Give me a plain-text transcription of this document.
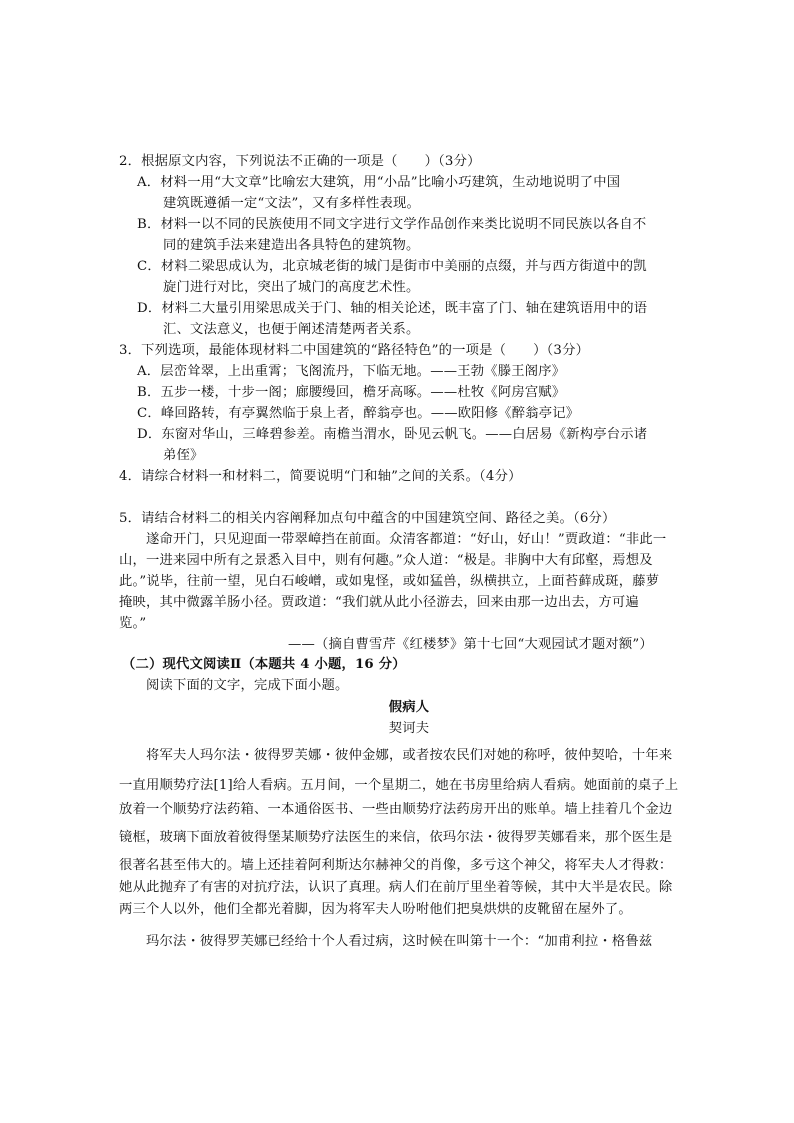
2．根据原文内容，下列说法不正确的一项是（　　）（3分）
A．材料一用“大文章”比喻宏大建筑，用“小品”比喻小巧建筑，生动地说明了中国
建筑既遵循一定“文法”，又有多样性表现。
B．材料一以不同的民族使用不同文字进行文学作品创作来类比说明不同民族以各自不
同的建筑手法来建造出各具特色的建筑物。
C．材料二梁思成认为，北京城老街的城门是街市中美丽的点缀，并与西方街道中的凯
旋门进行对比，突出了城门的高度艺术性。
D．材料二大量引用梁思成关于门、轴的相关论述，既丰富了门、轴在建筑语用中的语
汇、文法意义，也便于阐述清楚两者关系。
3．下列选项，最能体现材料二中国建筑的“路径特色”的一项是（　　）（3分）
A．层峦耸翠，上出重霄；飞阁流丹，下临无地。——王勃《滕王阁序》
B．五步一楼，十步一阁；廊腰缦回，檐牙高啄。——杜牧《阿房宫赋》
C．峰回路转，有亭翼然临于泉上者，醉翁亭也。——欧阳修《醉翁亭记》
D．东窗对华山，三峰碧参差。南檐当渭水，卧见云帆飞。——白居易《新构亭台示诸
弟侄》
4．请综合材料一和材料二，简要说明“门和轴”之间的关系。（4分）
5．请结合材料二的相关内容阐释加点句中蕴含的中国建筑空间、路径之美。（6分）
遂命开门，只见迎面一带翠嶂挡在前面。众清客都道：“好山，好山！”贾政道：“非此一
山，一进来园中所有之景悉入目中，则有何趣。”众人道：“极是。非胸中大有邱壑，焉想及
此。”说毕，往前一望，见白石峻嶒，或如鬼怪，或如猛兽，纵横拱立，上面苔藓成斑，藤萝
掩映，其中微露羊肠小径。贾政道：“我们就从此小径游去，回来由那一边出去，方可遍
览。”
——（摘自曹雪芹《红楼梦》第十七回“大观园试才题对额”）
（二）现代文阅读Ⅱ（本题共 4 小题，16 分）
阅读下面的文字，完成下面小题。
假病人
契诃夫
将军夫人玛尔法・彼得罗芙娜・彼仲金娜，或者按农民们对她的称呼，彼仲契哈，十年来
一直用顺势疗法[1]给人看病。五月间，一个星期二，她在书房里给病人看病。她面前的桌子上
放着一个顺势疗法药箱、一本通俗医书、一些由顺势疗法药房开出的账单。墙上挂着几个金边
镜框，玻璃下面放着彼得堡某顺势疗法医生的来信，依玛尔法・彼得罗芙娜看来，那个医生是
很著名甚至伟大的。墙上还挂着阿利斯达尔赫神父的肖像，多亏这个神父，将军夫人才得救：
她从此抛弃了有害的对抗疗法，认识了真理。病人们在前厅里坐着等候，其中大半是农民。除
两三个人以外，他们全都光着脚，因为将军夫人吩咐他们把臭烘烘的皮靴留在屋外了。
玛尔法・彼得罗芙娜已经给十个人看过病，这时候在叫第十一个：“加甫利拉・格鲁兹
